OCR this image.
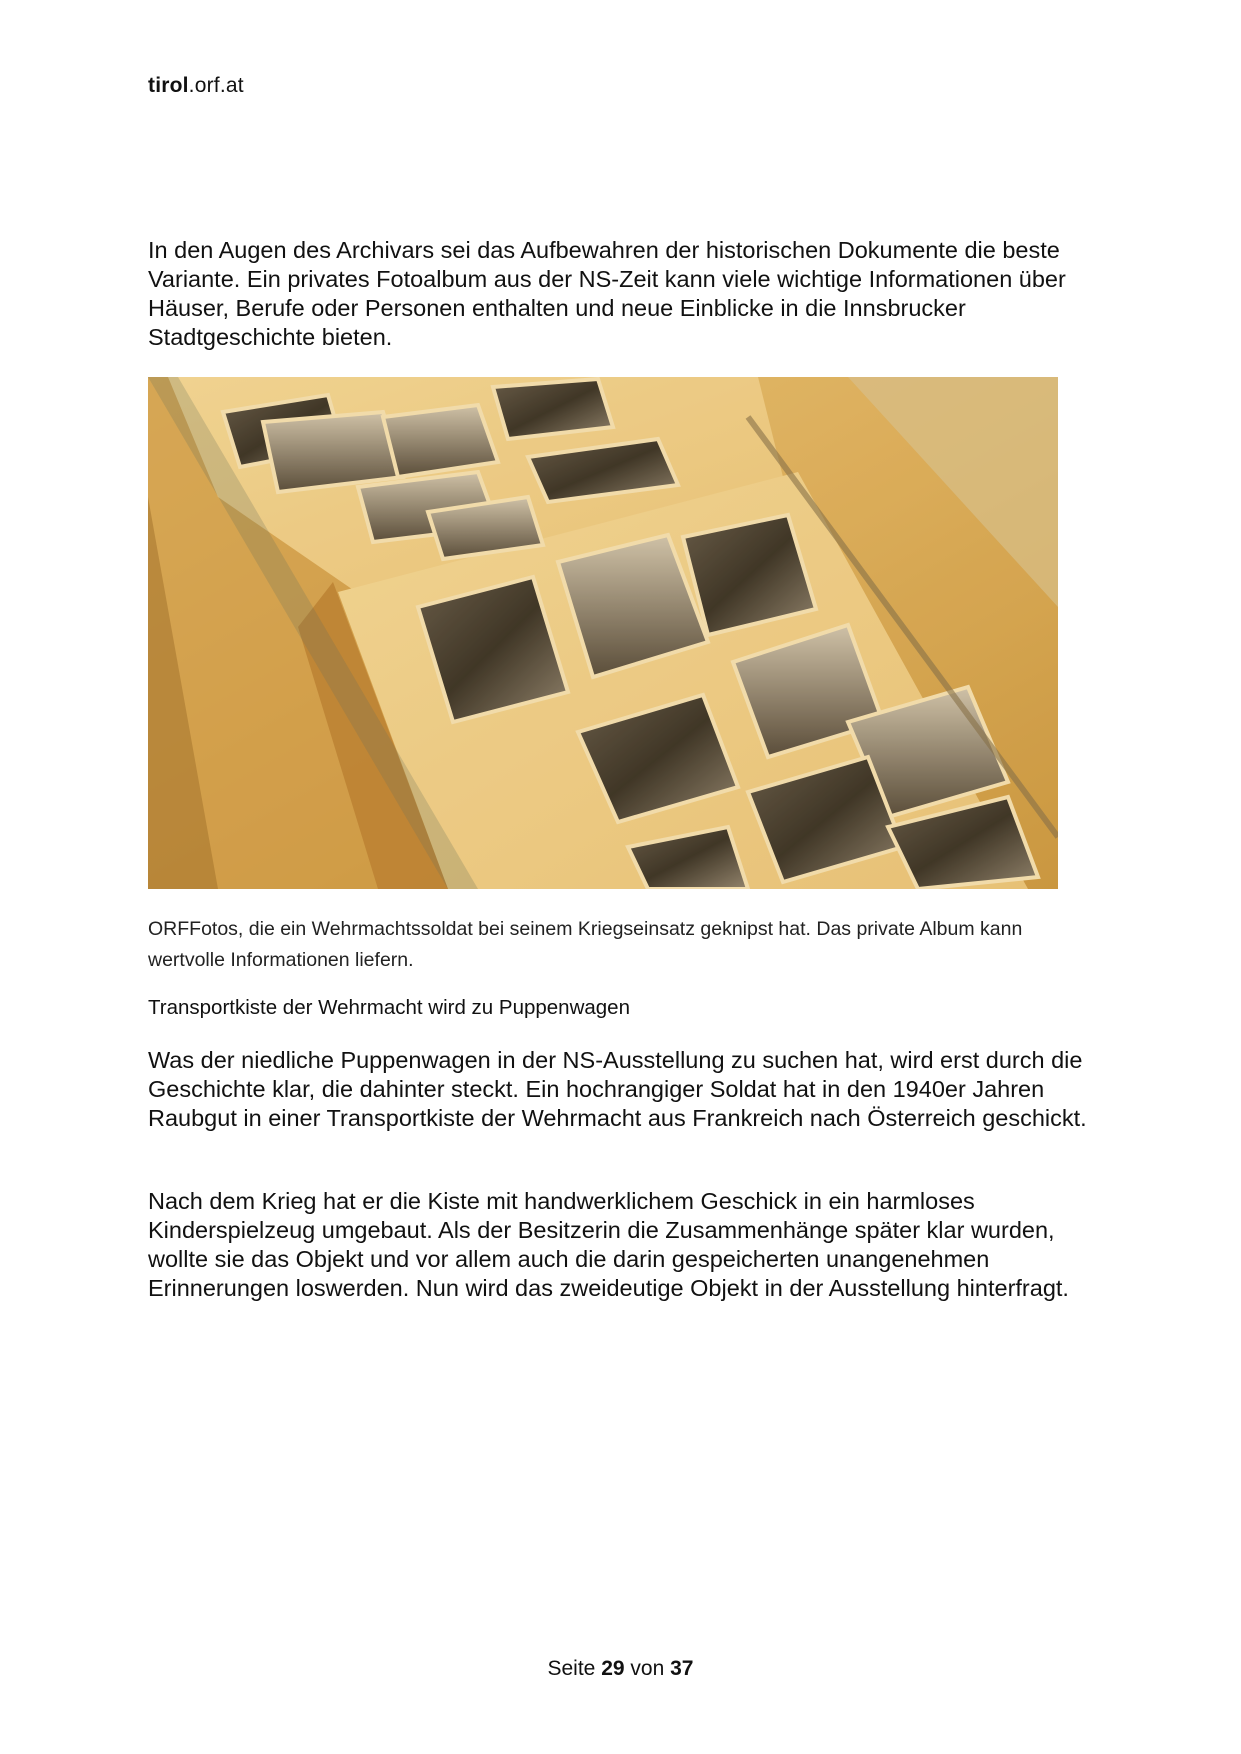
tirol.orf.at

In den Augen des Archivars sei das Aufbewahren der historischen Dokumente die beste Variante. Ein privates Fotoalbum aus der NS-Zeit kann viele wichtige Informationen über Häuser, Berufe oder Personen enthalten und neue Einblicke in die Innsbrucker Stadtgeschichte bieten.

ORFFotos, die ein Wehrmachtssoldat bei seinem Kriegseinsatz geknipst hat. Das private Album kann wertvolle Informationen liefern.

Transportkiste der Wehrmacht wird zu Puppenwagen

Was der niedliche Puppenwagen in der NS-Ausstellung zu suchen hat, wird erst durch die Geschichte klar, die dahinter steckt. Ein hochrangiger Soldat hat in den 1940er Jahren Raubgut in einer Transportkiste der Wehrmacht aus Frankreich nach Österreich geschickt.

Nach dem Krieg hat er die Kiste mit handwerklichem Geschick in ein harmloses Kinderspielzeug umgebaut. Als der Besitzerin die Zusammenhänge später klar wurden, wollte sie das Objekt und vor allem auch die darin gespeicherten unangenehmen Erinnerungen loswerden. Nun wird das zweideutige Objekt in der Ausstellung hinterfragt.

Seite 29 von 37
